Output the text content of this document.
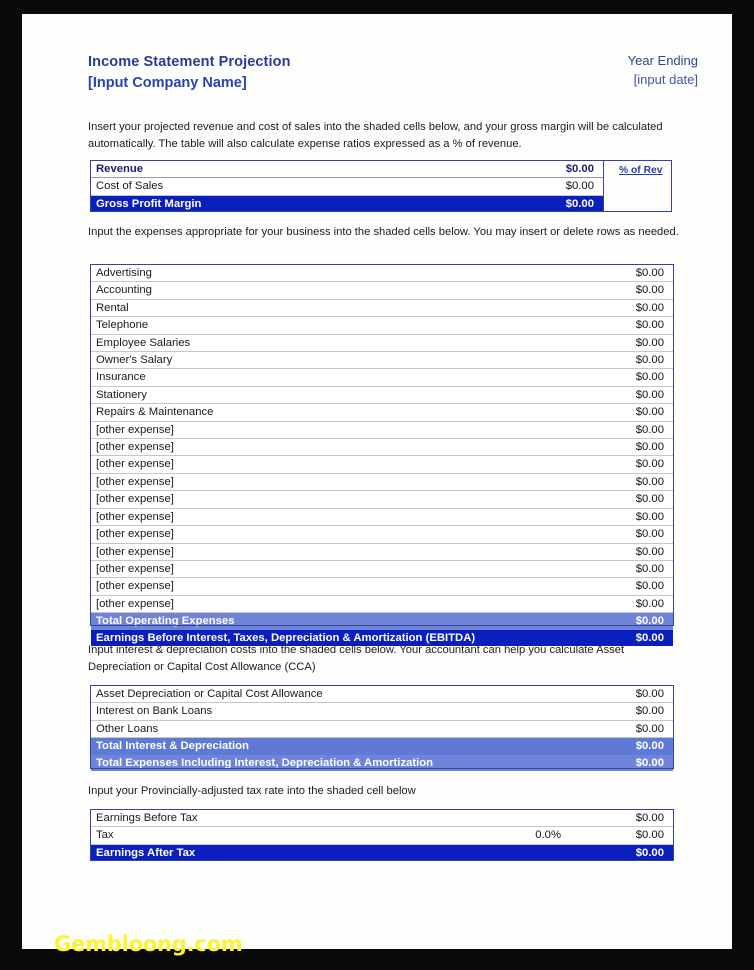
Income Statement Projection
[Input Company Name]
Year Ending
[input date]
Insert your projected revenue and cost of sales into the shaded cells below, and your gross margin will be calculated automatically. The table will also calculate expense ratios expressed as a % of revenue.
Revenue	$0.00
Cost of Sales	$0.00
Gross Profit Margin	$0.00
% of Rev
Input the expenses appropriate for your business into the shaded cells below. You may insert or delete rows as needed.
Advertising	$0.00
Accounting	$0.00
Rental	$0.00
Telephone	$0.00
Employee Salaries	$0.00
Owner's Salary	$0.00
Insurance	$0.00
Stationery	$0.00
Repairs & Maintenance	$0.00
[other expense]	$0.00
[other expense]	$0.00
[other expense]	$0.00
[other expense]	$0.00
[other expense]	$0.00
[other expense]	$0.00
[other expense]	$0.00
[other expense]	$0.00
[other expense]	$0.00
[other expense]	$0.00
[other expense]	$0.00
Total Operating Expenses	$0.00
Earnings Before Interest, Taxes, Depreciation & Amortization (EBITDA)	$0.00
Input interest & depreciation costs into the shaded cells below. Your accountant can help you calculate Asset Depreciation or Capital Cost Allowance (CCA)
Asset Depreciation or Capital Cost Allowance	$0.00
Interest on Bank Loans	$0.00
Other Loans	$0.00
Total Interest & Depreciation	$0.00
Total Expenses Including Interest, Depreciation & Amortization	$0.00
Input your Provincially-adjusted tax rate into the shaded cell below
Earnings Before Tax		$0.00
Tax	0.0%	$0.00
Earnings After Tax		$0.00
Gembloong.com
